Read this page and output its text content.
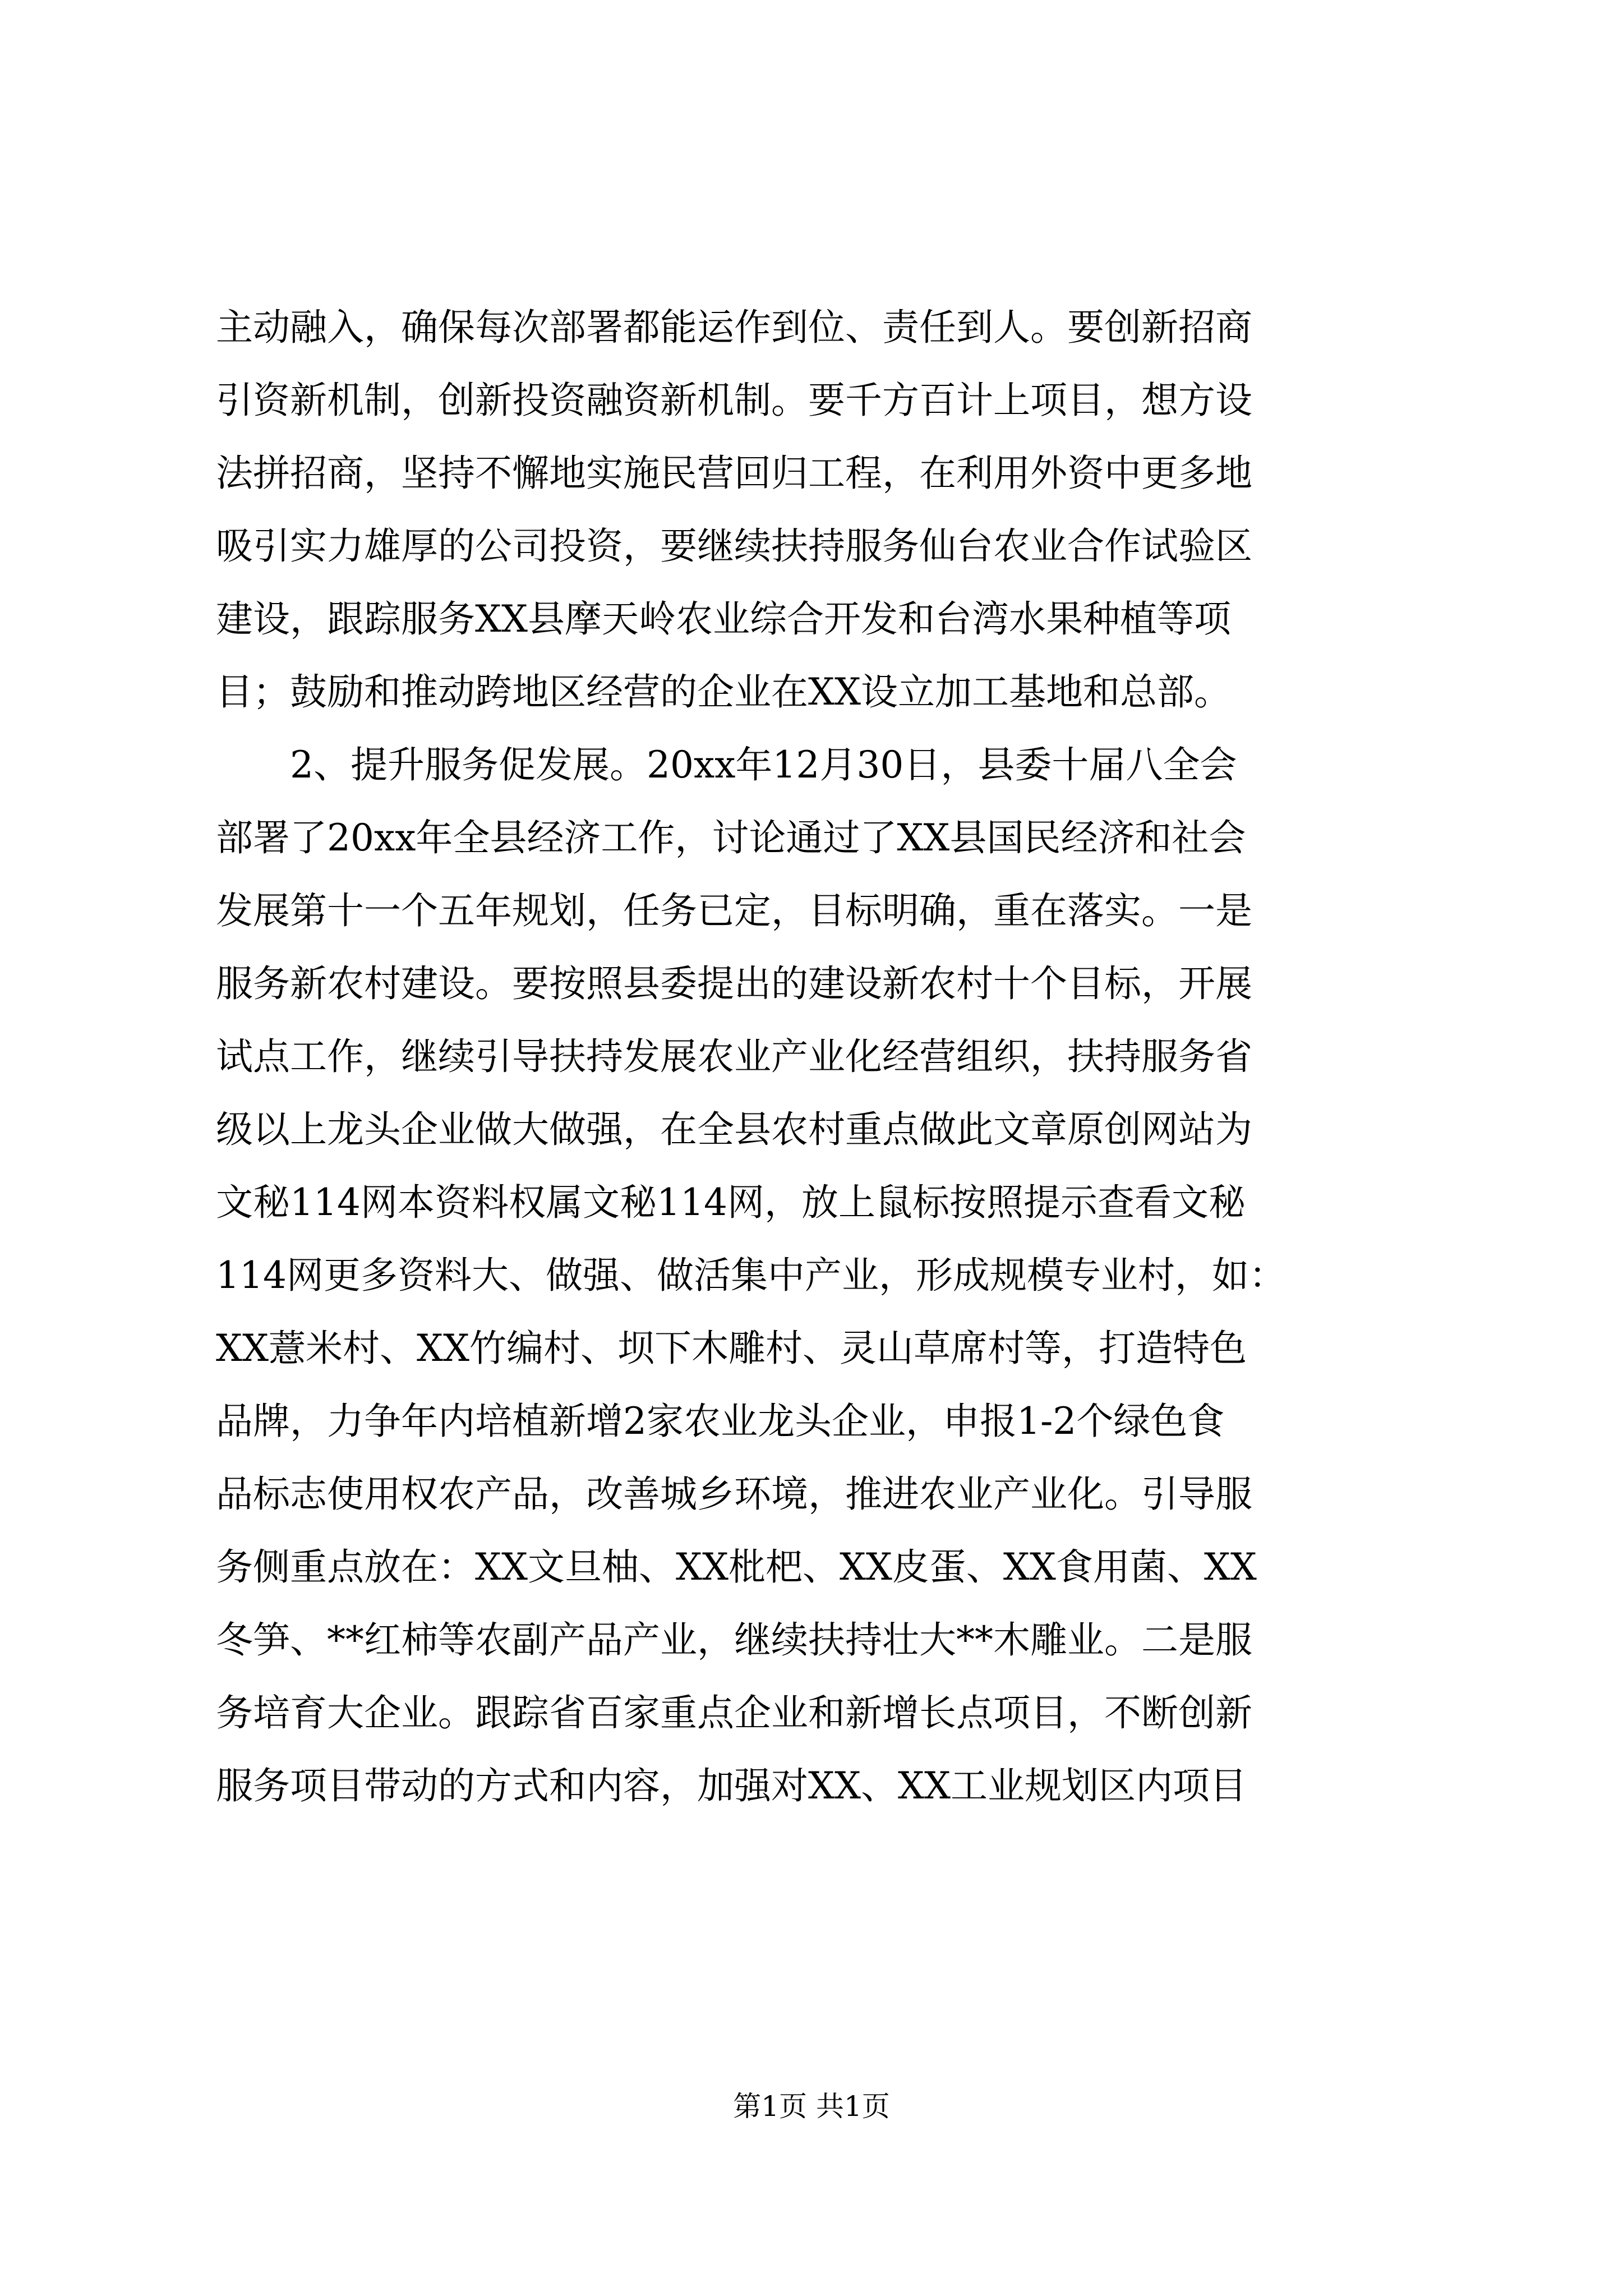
主动融入，确保每次部署都能运作到位、责任到人。要创新招商
引资新机制，创新投资融资新机制。要千方百计上项目，想方设
法拼招商，坚持不懈地实施民营回归工程，在利用外资中更多地
吸引实力雄厚的公司投资，要继续扶持服务仙台农业合作试验区
建设，跟踪服务XX县摩天岭农业综合开发和台湾水果种植等项
目；鼓励和推动跨地区经营的企业在XX设立加工基地和总部。
　　2、提升服务促发展。20xx年12月30日，县委十届八全会
部署了20xx年全县经济工作，讨论通过了XX县国民经济和社会
发展第十一个五年规划，任务已定，目标明确，重在落实。一是
服务新农村建设。要按照县委提出的建设新农村十个目标，开展
试点工作，继续引导扶持发展农业产业化经营组织，扶持服务省
级以上龙头企业做大做强，在全县农村重点做此文章原创网站为
文秘114网本资料权属文秘114网，放上鼠标按照提示查看文秘
114网更多资料大、做强、做活集中产业，形成规模专业村，如：
XX薏米村、XX竹编村、坝下木雕村、灵山草席村等，打造特色
品牌，力争年内培植新增2家农业龙头企业，申报1-2个绿色食
品标志使用权农产品，改善城乡环境，推进农业产业化。引导服
务侧重点放在：XX文旦柚、XX枇杷、XX皮蛋、XX食用菌、XX
冬笋、**红柿等农副产品产业，继续扶持壮大**木雕业。二是服
务培育大企业。跟踪省百家重点企业和新增长点项目，不断创新
服务项目带动的方式和内容，加强对XX、XX工业规划区内项目
第1页 共1页
